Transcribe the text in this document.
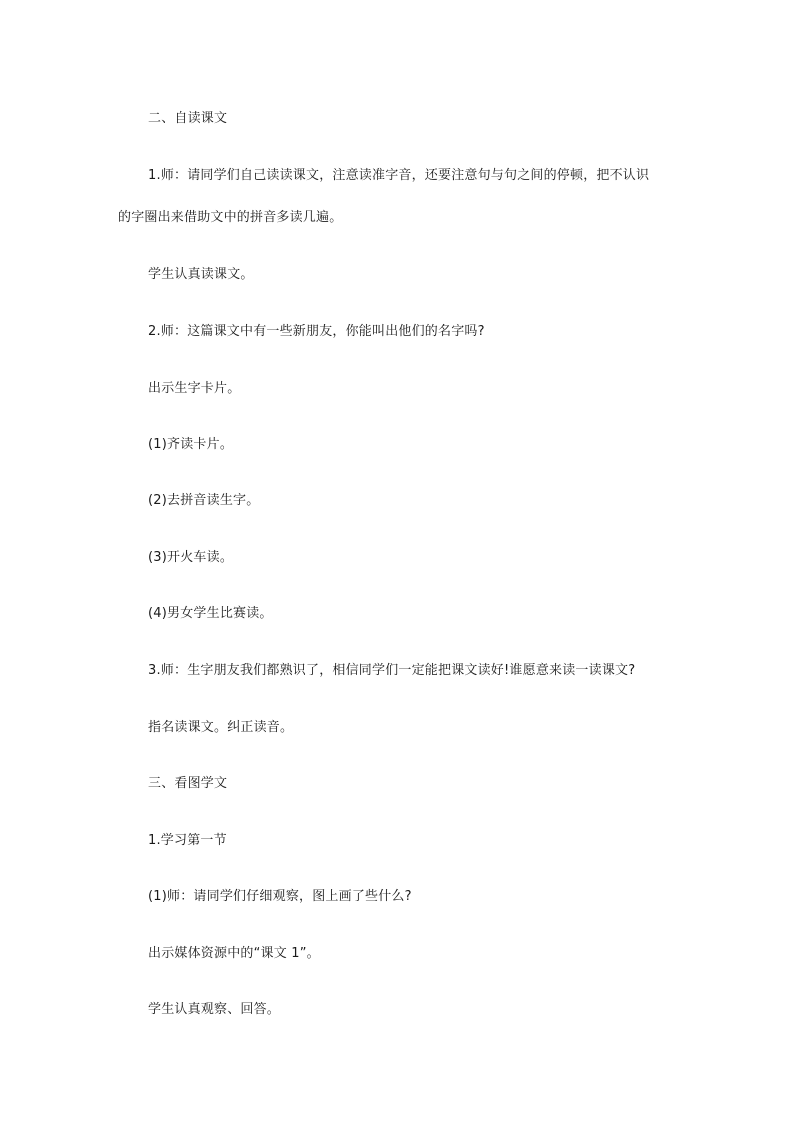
二、自读课文
1.师：请同学们自己读读课文，注意读准字音，还要注意句与句之间的停顿，把不认识
的字圈出来借助文中的拼音多读几遍。
学生认真读课文。
2.师：这篇课文中有一些新朋友，你能叫出他们的名字吗?
出示生字卡片。
(1)齐读卡片。
(2)去拼音读生字。
(3)开火车读。
(4)男女学生比赛读。
3.师：生字朋友我们都熟识了，相信同学们一定能把课文读好!谁愿意来读一读课文?
指名读课文。纠正读音。
三、看图学文
1.学习第一节
(1)师：请同学们仔细观察，图上画了些什么?
出示媒体资源中的“课文 1”。
学生认真观察、回答。
